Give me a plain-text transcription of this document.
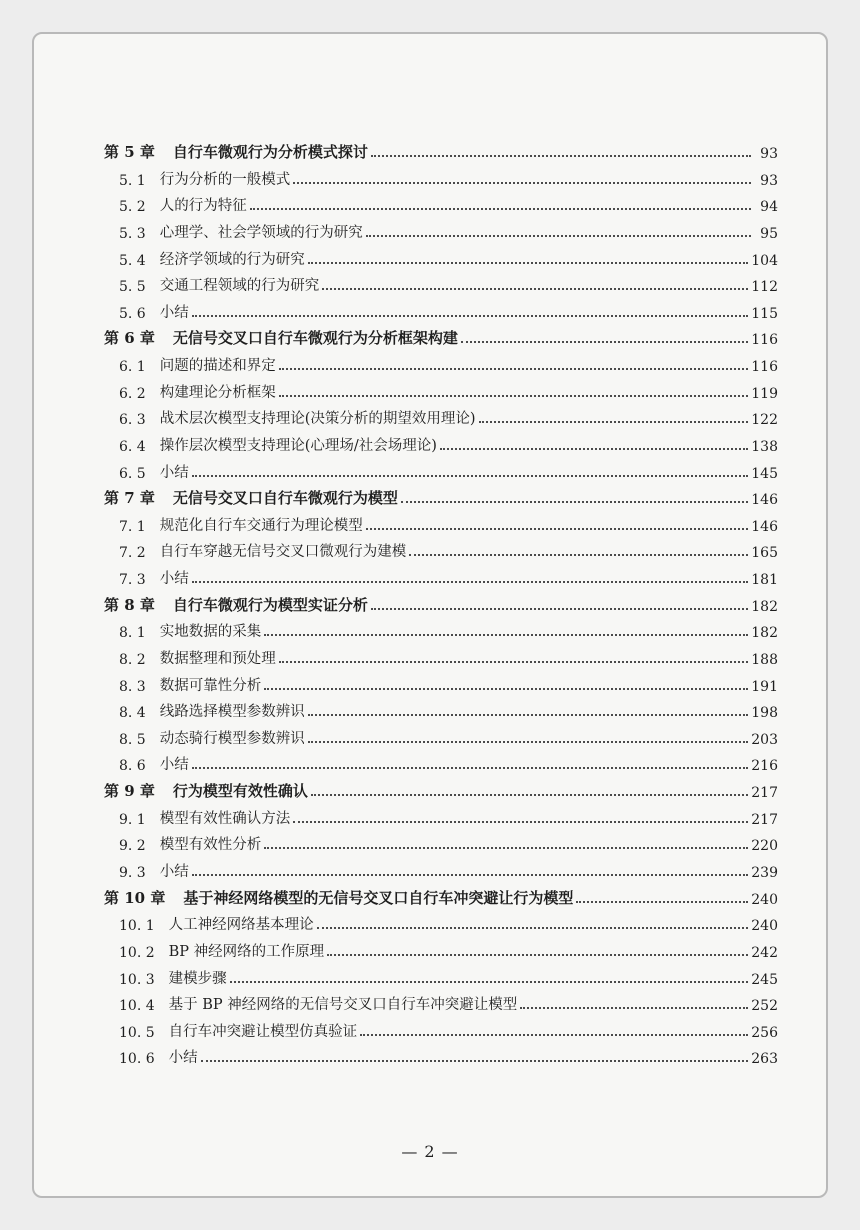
第 5 章 自行车微观行为分析模式探讨	93
5. 1 行为分析的一般模式	93
5. 2 人的行为特征	94
5. 3 心理学、社会学领域的行为研究	95
5. 4 经济学领域的行为研究	104
5. 5 交通工程领域的行为研究	112
5. 6 小结	115
第 6 章 无信号交叉口自行车微观行为分析框架构建	116
6. 1 问题的描述和界定	116
6. 2 构建理论分析框架	119
6. 3 战术层次模型支持理论(决策分析的期望效用理论)	122
6. 4 操作层次模型支持理论(心理场/社会场理论)	138
6. 5 小结	145
第 7 章 无信号交叉口自行车微观行为模型	146
7. 1 规范化自行车交通行为理论模型	146
7. 2 自行车穿越无信号交叉口微观行为建模	165
7. 3 小结	181
第 8 章 自行车微观行为模型实证分析	182
8. 1 实地数据的采集	182
8. 2 数据整理和预处理	188
8. 3 数据可靠性分析	191
8. 4 线路选择模型参数辨识	198
8. 5 动态骑行模型参数辨识	203
8. 6 小结	216
第 9 章 行为模型有效性确认	217
9. 1 模型有效性确认方法	217
9. 2 模型有效性分析	220
9. 3 小结	239
第 10 章 基于神经网络模型的无信号交叉口自行车冲突避让行为模型	240
10. 1 人工神经网络基本理论	240
10. 2 BP 神经网络的工作原理	242
10. 3 建模步骤	245
10. 4 基于 BP 神经网络的无信号交叉口自行车冲突避让模型	252
10. 5 自行车冲突避让模型仿真验证	256
10. 6 小结	263
— 2 —
